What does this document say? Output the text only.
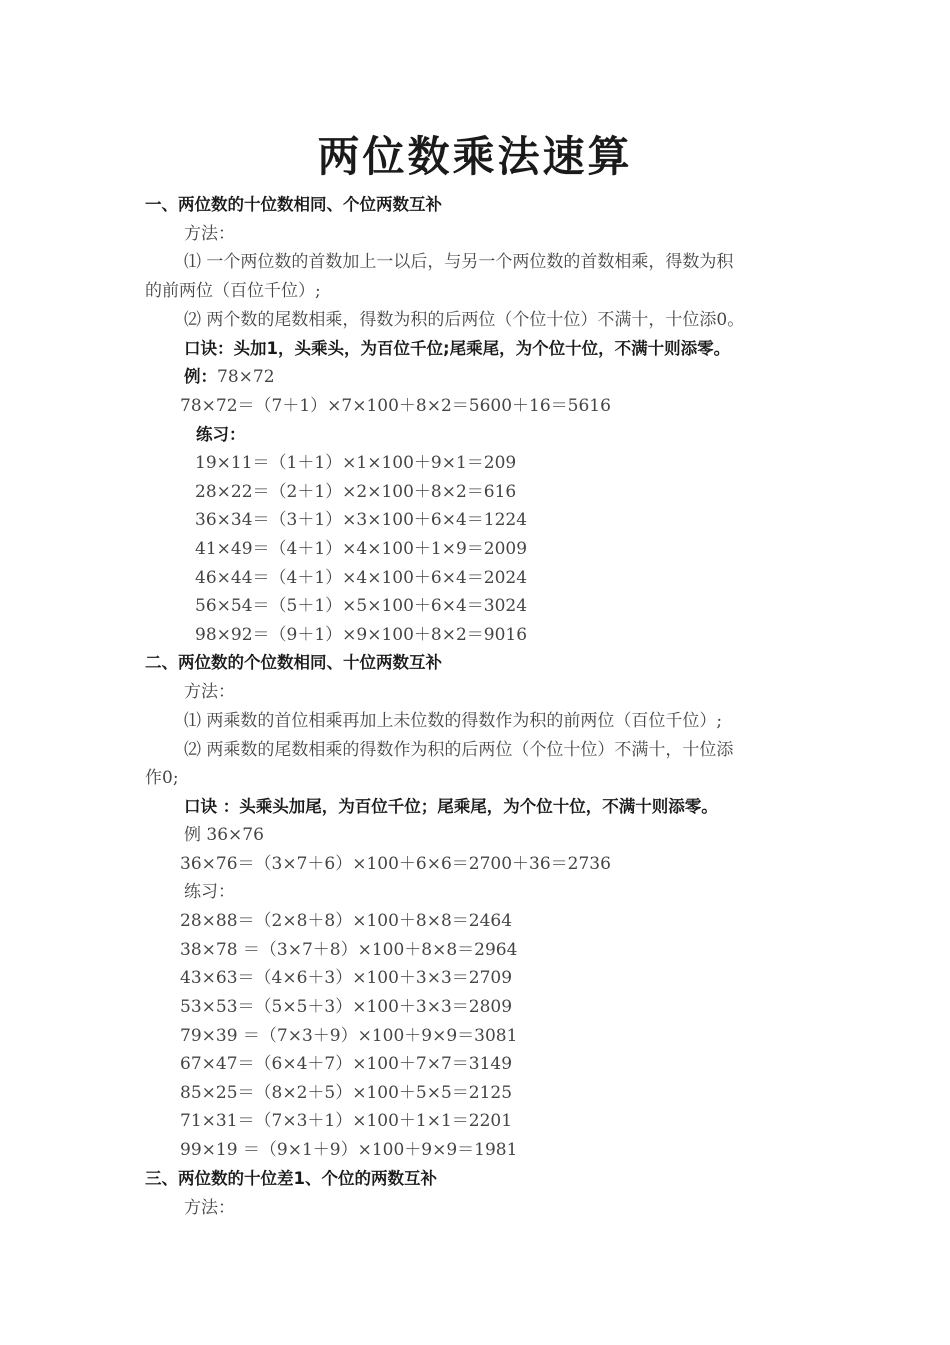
两位数乘法速算
一、两位数的十位数相同、个位两数互补
方法：
⑴ 一个两位数的首数加上一以后，与另一个两位数的首数相乘，得数为积
的前两位（百位千位）;
⑵ 两个数的尾数相乘，得数为积的后两位（个位十位）不满十，十位添0。
口诀：头加1，头乘头，为百位千位;尾乘尾，为个位十位，不满十则添零。
例：78×72
78×72＝（7＋1）×7×100＋8×2＝5600＋16＝5616
练习：
19×11＝（1＋1）×1×100＋9×1＝209
28×22＝（2＋1）×2×100＋8×2＝616
36×34＝（3＋1）×3×100＋6×4＝1224
41×49＝（4＋1）×4×100＋1×9＝2009
46×44＝（4＋1）×4×100＋6×4＝2024
56×54＝（5＋1）×5×100＋6×4＝3024
98×92＝（9＋1）×9×100＋8×2＝9016
二、两位数的个位数相同、十位两数互补
方法：
⑴ 两乘数的首位相乘再加上未位数的得数作为积的前两位（百位千位）;
⑵ 两乘数的尾数相乘的得数作为积的后两位（个位十位）不满十，十位添
作0;
口诀 ：头乘头加尾，为百位千位；尾乘尾，为个位十位，不满十则添零。
例 36×76
36×76＝（3×7＋6）×100＋6×6＝2700＋36＝2736
练习：
28×88＝（2×8＋8）×100＋8×8＝2464
38×78 ＝（3×7＋8）×100＋8×8＝2964
43×63＝（4×6＋3）×100＋3×3＝2709
53×53＝（5×5＋3）×100＋3×3＝2809
79×39 ＝（7×3＋9）×100＋9×9＝3081
67×47＝（6×4＋7）×100＋7×7＝3149
85×25＝（8×2＋5）×100＋5×5＝2125
71×31＝（7×3＋1）×100＋1×1＝2201
99×19 ＝（9×1＋9）×100＋9×9＝1981
三、两位数的十位差1、个位的两数互补
方法：
